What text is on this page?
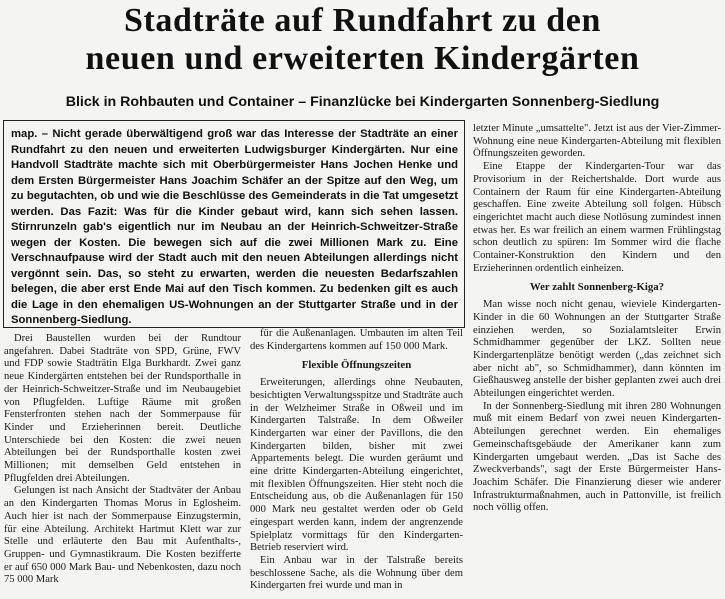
Stadträte auf Rundfahrt zu den
neuen und erweiterten Kindergärten
Blick in Rohbauten und Container – Finanzlücke bei Kindergarten Sonnenberg-Siedlung
map. – Nicht gerade überwältigend groß war das Interesse der Stadträte an einer Rundfahrt zu den neuen und erweiterten Ludwigsburger Kindergärten. Nur eine Handvoll Stadträte machte sich mit Oberbürgermeister Hans Jochen Henke und dem Ersten Bürgermeister Hans Joachim Schäfer an der Spitze auf den Weg, um zu begutachten, ob und wie die Beschlüsse des Gemeinderats in die Tat umgesetzt werden. Das Fazit: Was für die Kinder gebaut wird, kann sich sehen lassen. Stirnrunzeln gab's eigentlich nur im Neubau an der Heinrich-Schweitzer-Straße wegen der Kosten. Die bewegen sich auf die zwei Millionen Mark zu. Eine Verschnaufpause wird der Stadt auch mit den neuen Abteilungen allerdings nicht vergönnt sein. Das, so steht zu erwarten, werden die neuesten Bedarfszahlen belegen, die aber erst Ende Mai auf den Tisch kommen. Zu bedenken gilt es auch die Lage in den ehemaligen US-Wohnungen an der Stuttgarter Straße und in der Sonnenberg-Siedlung.

Drei Baustellen wurden bei der Rundtour angefahren. Dabei Stadträte von SPD, Grüne, FWV und FDP sowie Stadträtin Elga Burkhardt. Zwei ganz neue Kindergärten entstehen bei der Rundsporthalle in der Heinrich-Schweitzer-Straße und im Neubaugebiet von Pflugfelden. Luftige Räume mit großen Fensterfronten stehen nach der Sommerpause für Kinder und Erzieherinnen bereit. Deutliche Unterschiede bei den Kosten: die zwei neuen Abteilungen bei der Rundsporthalle kosten zwei Millionen; mit demselben Geld entstehen in Pflugfelden drei Abteilungen.

Gelungen ist nach Ansicht der Stadtväter der Anbau an den Kindergarten Thomas Morus in Eglosheim. Auch hier ist nach der Sommerpause Einzugstermin, für eine Abteilung. Architekt Hartmut Klett war zur Stelle und erläuterte den Bau mit Aufenthalts-, Gruppen- und Gymnastikraum. Die Kosten bezifferte er auf 650 000 Mark Bau- und Nebenkosten, dazu noch 75 000 Mark

für die Außenanlagen. Umbauten im alten Teil des Kindergartens kommen auf 150 000 Mark.

Flexible Öffnungszeiten

Erweiterungen, allerdings ohne Neubauten, besichtigten Verwaltungsspitze und Stadträte auch in der Welzheimer Straße in Oßweil und im Kindergarten Talstraße. In dem Oßweiler Kindergarten war einer der Pavillons, die den Kindergarten bilden, bisher mit zwei Appartements belegt. Die wurden geräumt und eine dritte Kindergarten-Abteilung eingerichtet, mit flexiblen Öffnungszeiten. Hier steht noch die Entscheidung aus, ob die Außenanlagen für 150 000 Mark neu gestaltet werden oder ob Geld eingespart werden kann, indem der angrenzende Spielplatz vormittags für den Kindergarten-Betrieb reserviert wird.

Ein Anbau war in der Talstraße bereits beschlossene Sache, als die Wohnung über dem Kindergarten frei wurde und man in

letzter Minute „umsattelte". Jetzt ist aus der Vier-Zimmer-Wohnung eine neue Kindergarten-Abteilung mit flexiblen Öffnungszeiten geworden.

Eine Etappe der Kindergarten-Tour war das Provisorium in der Reichertshalde. Dort wurde aus Containern der Raum für eine Kindergarten-Abteilung geschaffen. Eine zweite Abteilung soll folgen. Hübsch eingerichtet macht auch diese Notlösung zumindest innen etwas her. Es war freilich an einem warmen Frühlingstag schon deutlich zu spüren: Im Sommer wird die flache Container-Konstruktion den Kindern und den Erzieherinnen ordentlich einheizen.

Wer zahlt Sonnenberg-Kiga?

Man wisse noch nicht genau, wieviele Kindergarten-Kinder in die 60 Wohnungen an der Stuttgarter Straße einziehen werden, so Sozialamtsleiter Erwin Schmidhammer gegenüber der LKZ. Sollten neue Kindergartenplätze benötigt werden („das zeichnet sich aber nicht ab", so Schmidhammer), dann könnten im Gießhausweg anstelle der bisher geplanten zwei auch drei Abteilungen eingerichtet werden.

In der Sonnenberg-Siedlung mit ihren 280 Wohnungen muß mit einem Bedarf von zwei neuen Kindergarten-Abteilungen gerechnet werden. Ein ehemaliges Gemeinschaftsgebäude der Amerikaner kann zum Kindergarten umgebaut werden. „Das ist Sache des Zweckverbands", sagt der Erste Bürgermeister Hans-Joachim Schäfer. Die Finanzierung dieser wie anderer Infrastrukturmaßnahmen, auch in Pattonville, ist freilich noch völlig offen.
